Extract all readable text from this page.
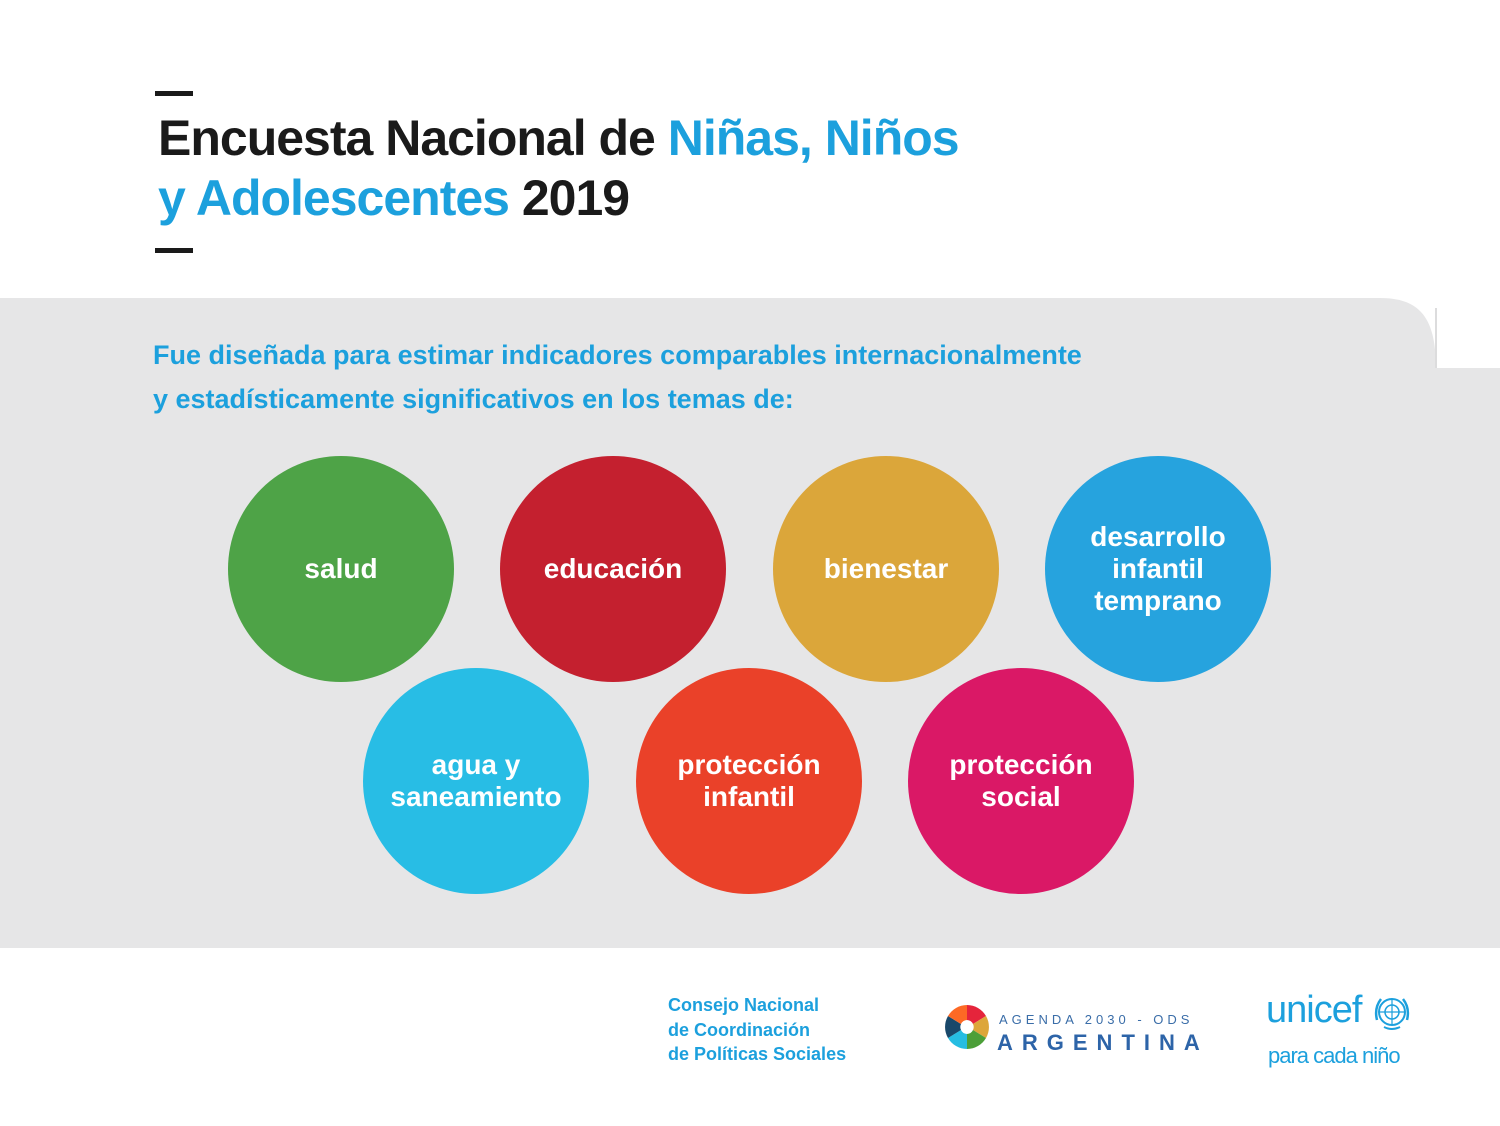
Encuesta Nacional de Niñas, Niños
y Adolescentes 2019

Fue diseñada para estimar indicadores comparables internacionalmente
y estadísticamente significativos en los temas de:

salud	educación	bienestar
desarrollo infantil temprano
agua y saneamiento
protección infantil
protección social
Consejo Nacional
de Coordinación
de Políticas Sociales
AGENDA 2030 - ODS
ARGENTINA
unicef
para cada niño
